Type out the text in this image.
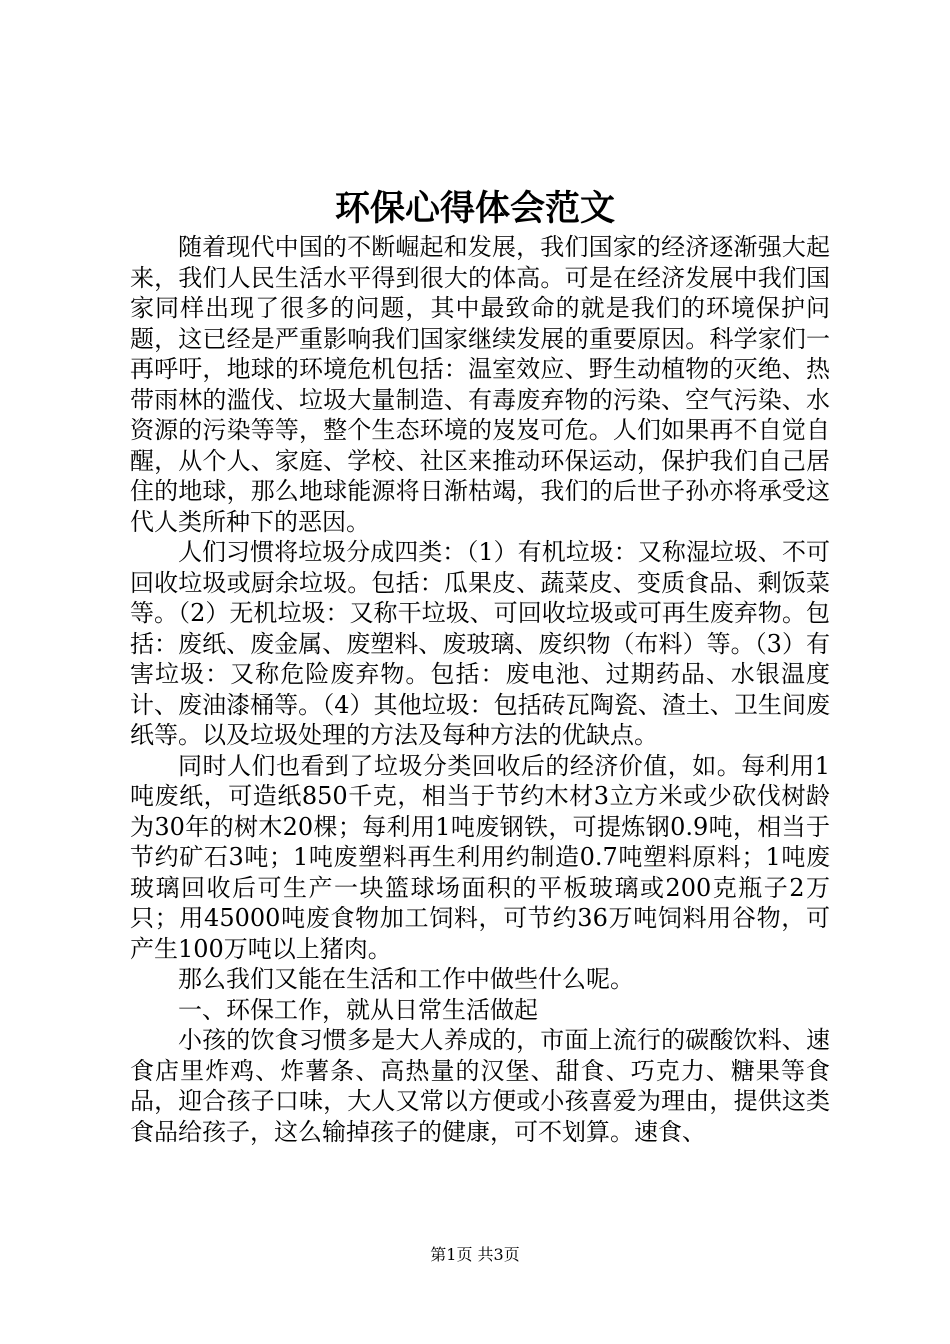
环保心得体会范文

随着现代中国的不断崛起和发展，我们国家的经济逐渐强大起来，我们人民生活水平得到很大的体高。可是在经济发展中我们国家同样出现了很多的问题，其中最致命的就是我们的环境保护问题，这已经是严重影响我们国家继续发展的重要原因。科学家们一再呼吁，地球的环境危机包括：温室效应、野生动植物的灭绝、热带雨林的滥伐、垃圾大量制造、有毒废弃物的污染、空气污染、水资源的污染等等，整个生态环境的岌岌可危。人们如果再不自觉自醒，从个人、家庭、学校、社区来推动环保运动，保护我们自己居住的地球，那么地球能源将日渐枯竭，我们的后世子孙亦将承受这代人类所种下的恶因。

人们习惯将垃圾分成四类：（1）有机垃圾：又称湿垃圾、不可回收垃圾或厨余垃圾。包括：瓜果皮、蔬菜皮、变质食品、剩饭菜等。（2）无机垃圾：又称干垃圾、可回收垃圾或可再生废弃物。包括：废纸、废金属、废塑料、废玻璃、废织物（布料）等。（3）有害垃圾：又称危险废弃物。包括：废电池、过期药品、水银温度计、废油漆桶等。（4）其他垃圾：包括砖瓦陶瓷、渣土、卫生间废纸等。以及垃圾处理的方法及每种方法的优缺点。

同时人们也看到了垃圾分类回收后的经济价值，如。每利用1吨废纸，可造纸850千克，相当于节约木材3立方米或少砍伐树龄为30年的树木20棵；每利用1吨废钢铁，可提炼钢0.9吨，相当于节约矿石3吨；1吨废塑料再生利用约制造0.7吨塑料原料；1吨废玻璃回收后可生产一块篮球场面积的平板玻璃或200克瓶子2万只；用45000吨废食物加工饲料，可节约36万吨饲料用谷物，可产生100万吨以上猪肉。

那么我们又能在生活和工作中做些什么呢。

一、环保工作，就从日常生活做起

小孩的饮食习惯多是大人养成的，市面上流行的碳酸饮料、速食店里炸鸡、炸薯条、高热量的汉堡、甜食、巧克力、糖果等食品，迎合孩子口味，大人又常以方便或小孩喜爱为理由，提供这类食品给孩子，这么输掉孩子的健康，可不划算。速食、

第1页 共3页
